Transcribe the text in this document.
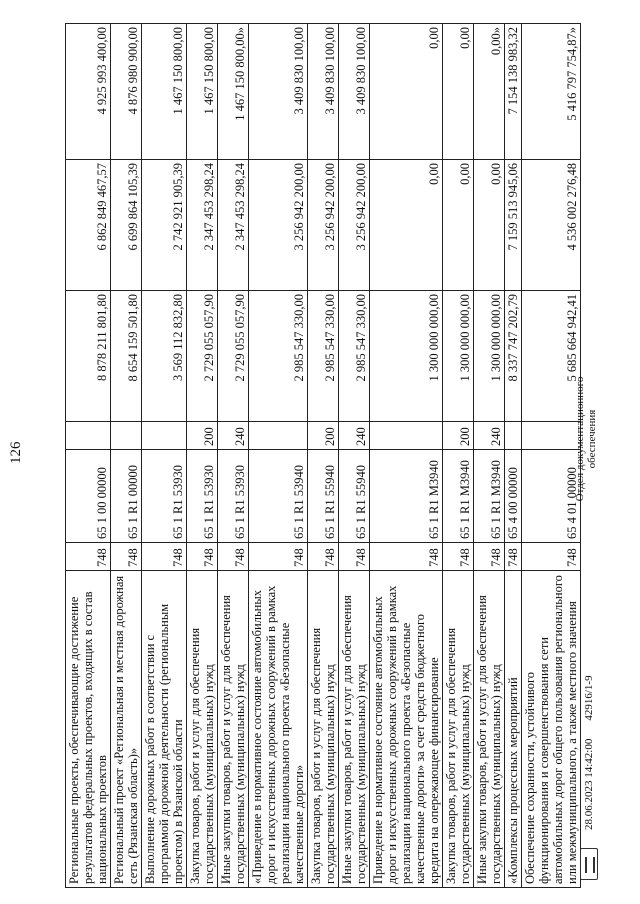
126
Региональные проекты, обеспечивающие достижение результатов федеральных проектов, входящих в состав национальных проектов	748	65 1 00 00000		8 878 211 801,80	6 862 849 467,57	4 925 993 400,00
Региональный проект «Региональная и местная дорожная сеть (Рязанская область)»	748	65 1 R1 00000		8 654 159 501,80	6 699 864 105,39	4 876 980 900,00
Выполнение дорожных работ в соответствии с программой дорожной деятельности (региональным проектом) в Рязанской области	748	65 1 R1 53930		3 569 112 832,80	2 742 921 905,39	1 467 150 800,00
Закупка товаров, работ и услуг для обеспечения государственных (муниципальных) нужд	748	65 1 R1 53930	200	2 729 055 057,90	2 347 453 298,24	1 467 150 800,00
Иные закупки товаров, работ и услуг для обеспечения государственных (муниципальных) нужд	748	65 1 R1 53930	240	2 729 055 057,90	2 347 453 298,24	1 467 150 800,00»
«Приведение в нормативное состояние автомобильных дорог и искусственных дорожных сооружений в рамках реализации национального проекта «Безопасные качественные дороги»	748	65 1 R1 53940		2 985 547 330,00	3 256 942 200,00	3 409 830 100,00
Закупка товаров, работ и услуг для обеспечения государственных (муниципальных) нужд	748	65 1 R1 55940	200	2 985 547 330,00	3 256 942 200,00	3 409 830 100,00
Иные закупки товаров, работ и услуг для обеспечения государственных (муниципальных) нужд	748	65 1 R1 55940	240	2 985 547 330,00	3 256 942 200,00	3 409 830 100,00
Приведение в нормативное состояние автомобильных дорог и искусственных дорожных сооружений в рамках реализации национального проекта «Безопасные качественные дороги» за счет средств бюджетного кредита на опережающее финансирование	748	65 1 R1 M3940		1 300 000 000,00	0,00	0,00
Закупка товаров, работ и услуг для обеспечения государственных (муниципальных) нужд	748	65 1 R1 M3940	200	1 300 000 000,00	0,00	0,00
Иные закупки товаров, работ и услуг для обеспечения государственных (муниципальных) нужд	748	65 1 R1 M3940	240	1 300 000 000,00	0,00	0,00»
«Комплексы процессных мероприятий	748	65 4 00 00000		8 337 747 202,79	7 159 513 945,06	7 154 138 983,32
Обеспечение сохранности, устойчивого функционирования и совершенствования сети автомобильных дорог общего пользования регионального или межмуниципального, а также местного значения	748	65 4 01 00000		5 685 664 942,41	4 536 002 276,48	5 416 797 754,87»
28.06.2023 14:42:00
42916/1-9
Отдел документационного обеспечения
